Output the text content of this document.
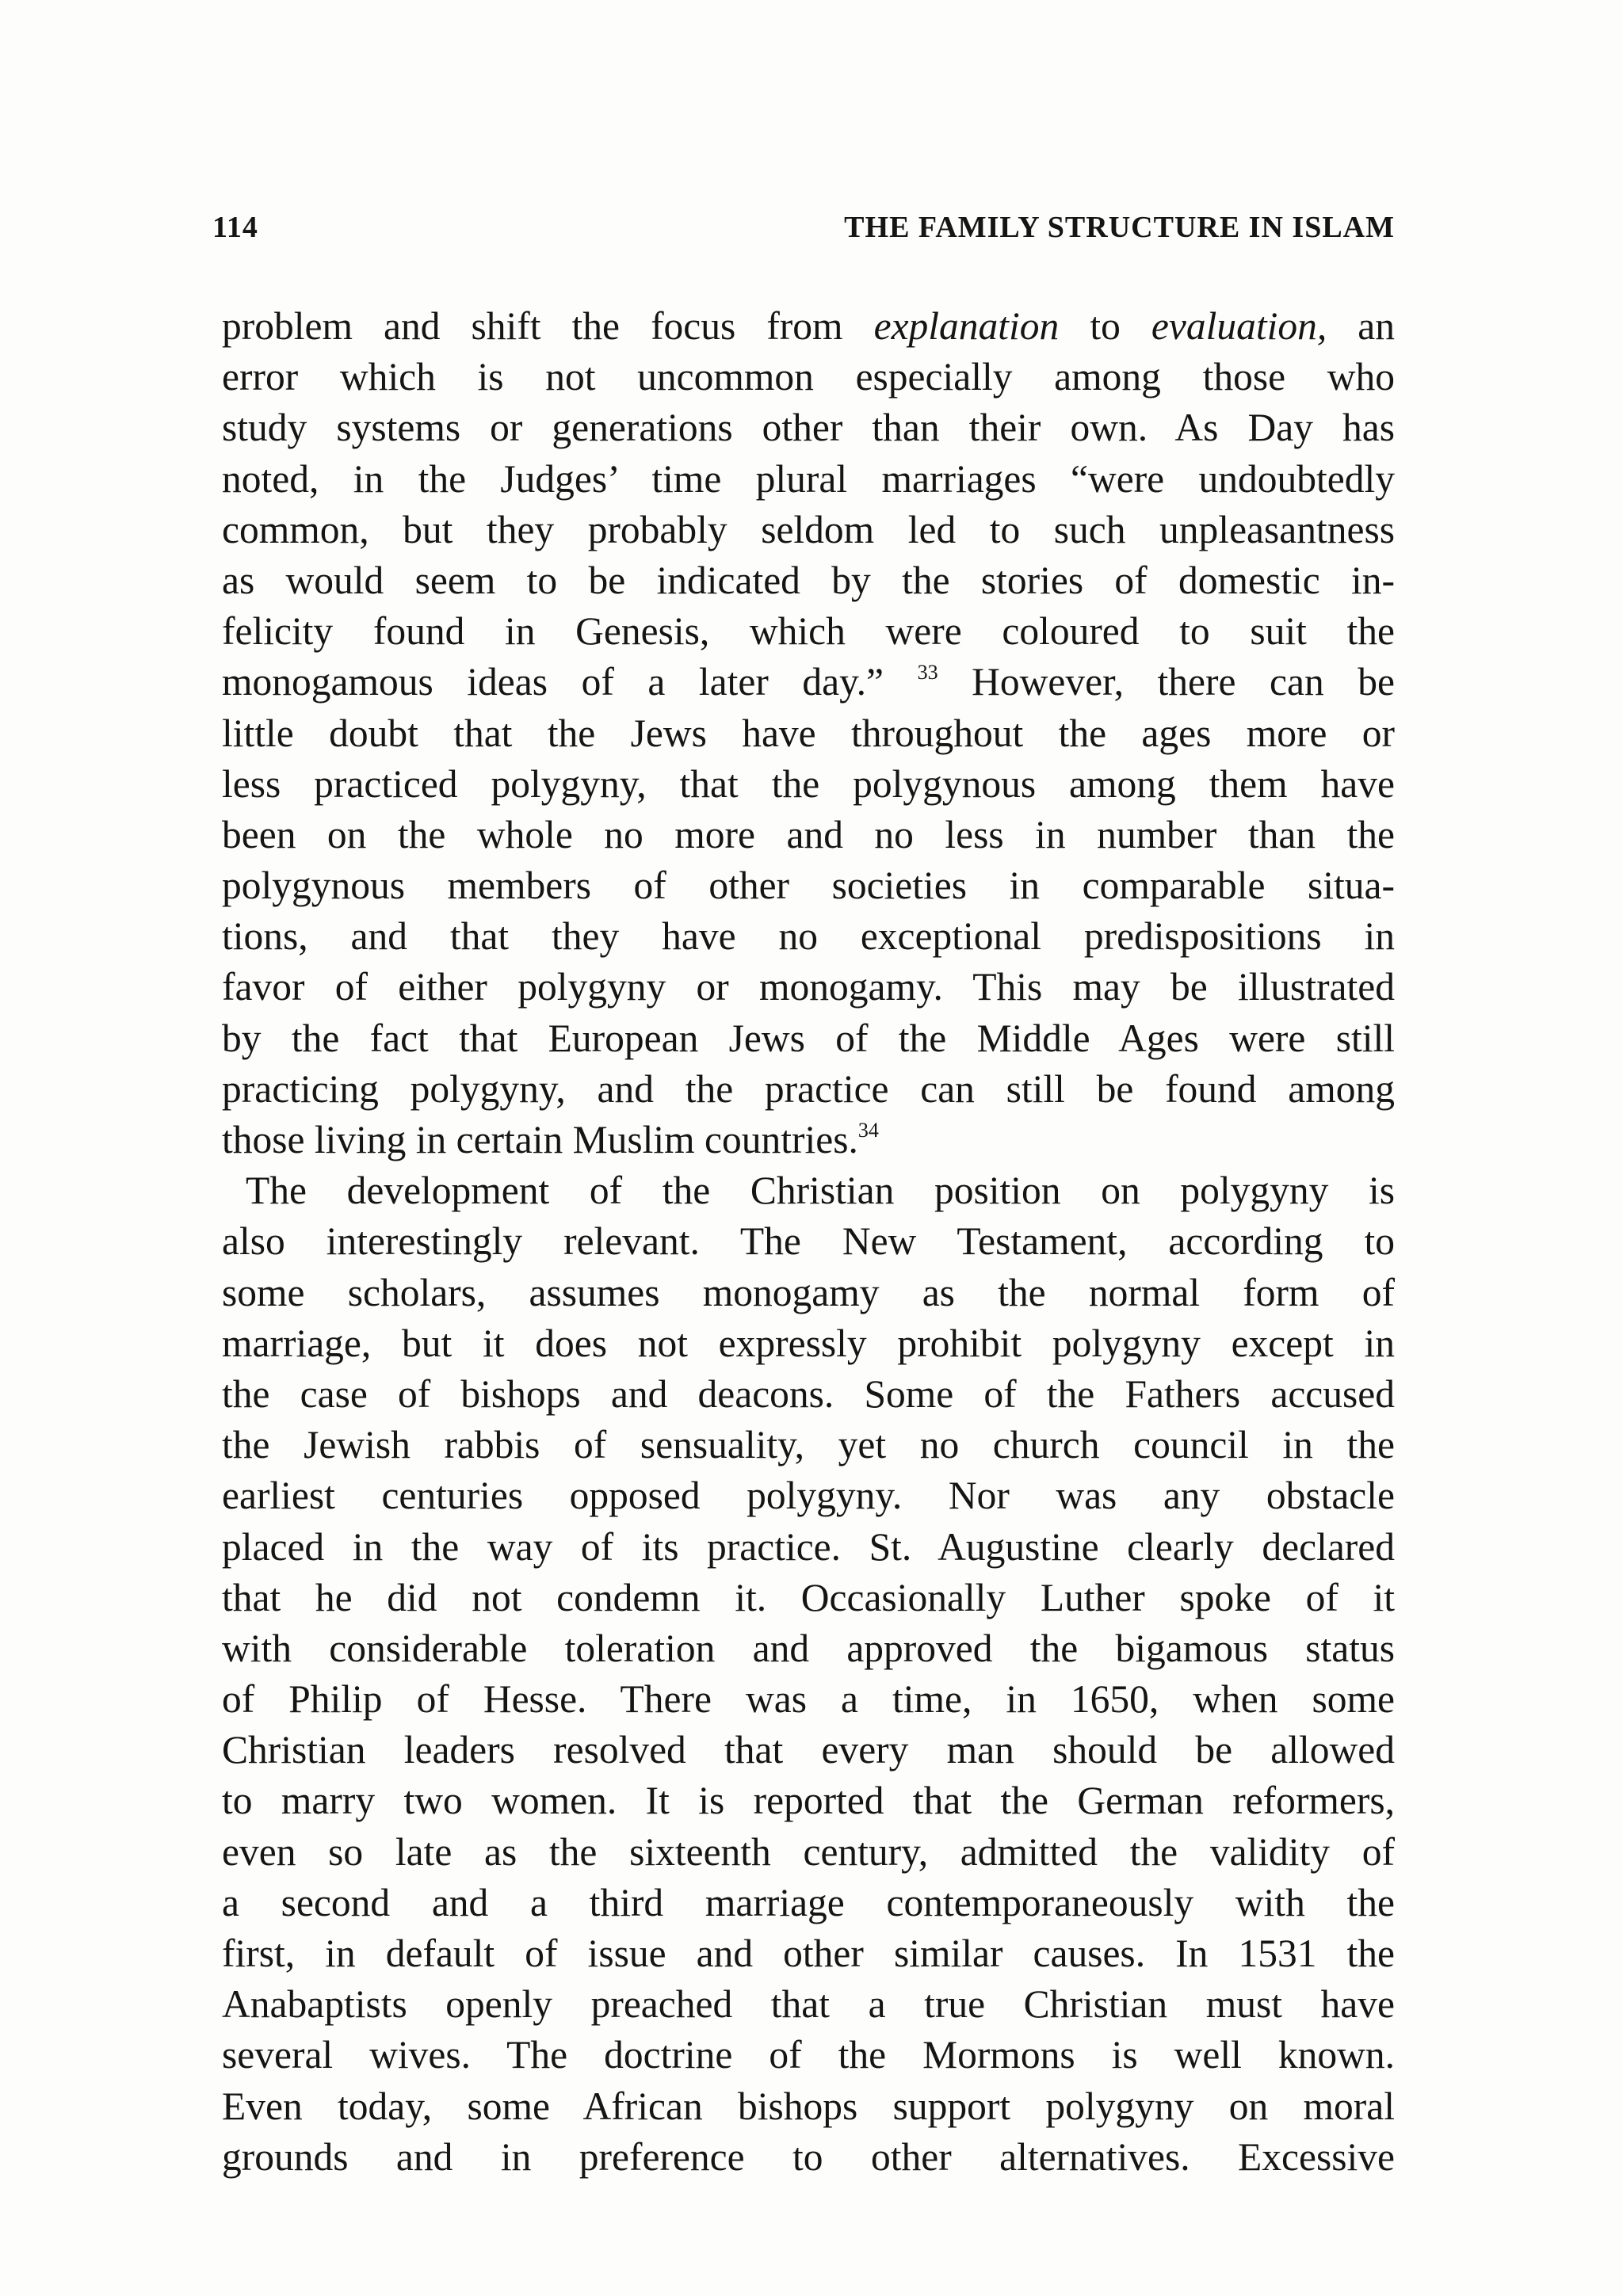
114	THE FAMILY STRUCTURE IN ISLAM
problem and shift the focus from explanation to evaluation, an
error which is not uncommon especially among those who
study systems or generations other than their own. As Day has
noted, in the Judges’ time plural marriages “were undoubtedly
common, but they probably seldom led to such unpleasantness
as would seem to be indicated by the stories of domestic in-
felicity found in Genesis, which were coloured to suit the
monogamous ideas of a later day.” $^{33}$ However, there can be
little doubt that the Jews have throughout the ages more or
less practiced polygyny, that the polygynous among them have
been on the whole no more and no less in number than the
polygynous members of other societies in comparable situa-
tions, and that they have no exceptional predispositions in
favor of either polygyny or monogamy. This may be illustrated
by the fact that European Jews of the Middle Ages were still
practicing polygyny, and the practice can still be found among
those living in certain Muslim countries.$^{34}$
The development of the Christian position on polygyny is
also interestingly relevant. The New Testament, according to
some scholars, assumes monogamy as the normal form of
marriage, but it does not expressly prohibit polygyny except in
the case of bishops and deacons. Some of the Fathers accused
the Jewish rabbis of sensuality, yet no church council in the
earliest centuries opposed polygyny. Nor was any obstacle
placed in the way of its practice. St. Augustine clearly declared
that he did not condemn it. Occasionally Luther spoke of it
with considerable toleration and approved the bigamous status
of Philip of Hesse. There was a time, in 1650, when some
Christian leaders resolved that every man should be allowed
to marry two women. It is reported that the German reformers,
even so late as the sixteenth century, admitted the validity of
a second and a third marriage contemporaneously with the
first, in default of issue and other similar causes. In 1531 the
Anabaptists openly preached that a true Christian must have
several wives. The doctrine of the Mormons is well known.
Even today, some African bishops support polygyny on moral
grounds and in preference to other alternatives. Excessive
